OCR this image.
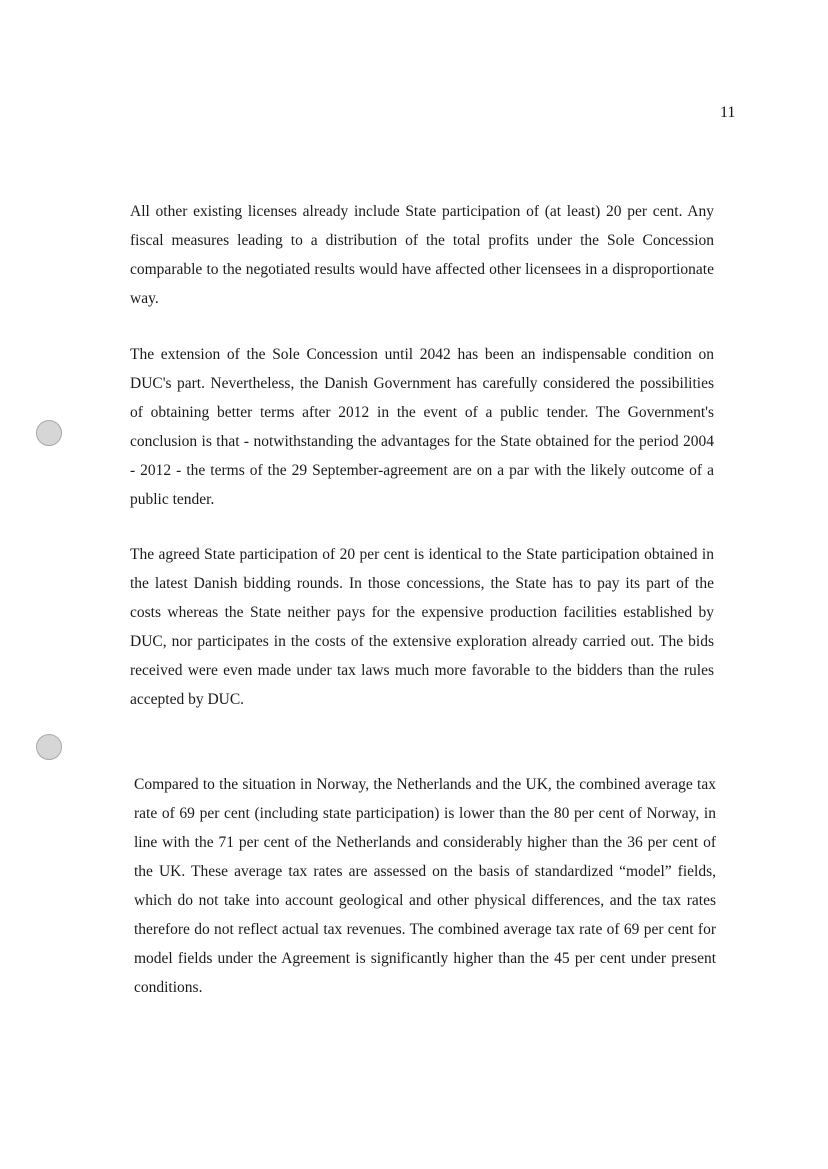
11

All other existing licenses already include State participation of (at least) 20 per cent. Any fiscal measures leading to a distribution of the total profits under the Sole Concession comparable to the negotiated results would have affected other licensees in a disproportionate way.

The extension of the Sole Concession until 2042 has been an indispensable condition on DUC's part. Nevertheless, the Danish Government has carefully considered the possibilities of obtaining better terms after 2012 in the event of a public tender. The Government's conclusion is that - notwithstanding the advantages for the State obtained for the period 2004 - 2012 - the terms of the 29 September-agreement are on a par with the likely outcome of a public tender.

The agreed State participation of 20 per cent is identical to the State participation obtained in the latest Danish bidding rounds. In those concessions, the State has to pay its part of the costs whereas the State neither pays for the expensive production facilities established by DUC, nor participates in the costs of the extensive exploration already carried out. The bids received were even made under tax laws much more favorable to the bidders than the rules accepted by DUC.

Compared to the situation in Norway, the Netherlands and the UK, the combined average tax rate of 69 per cent (including state participation) is lower than the 80 per cent of Norway, in line with the 71 per cent of the Netherlands and considerably higher than the 36 per cent of the UK. These average tax rates are assessed on the basis of standardized “model” fields, which do not take into account geological and other physical differences, and the tax rates therefore do not reflect actual tax revenues. The combined average tax rate of 69 per cent for model fields under the Agreement is significantly higher than the 45 per cent under present conditions.
